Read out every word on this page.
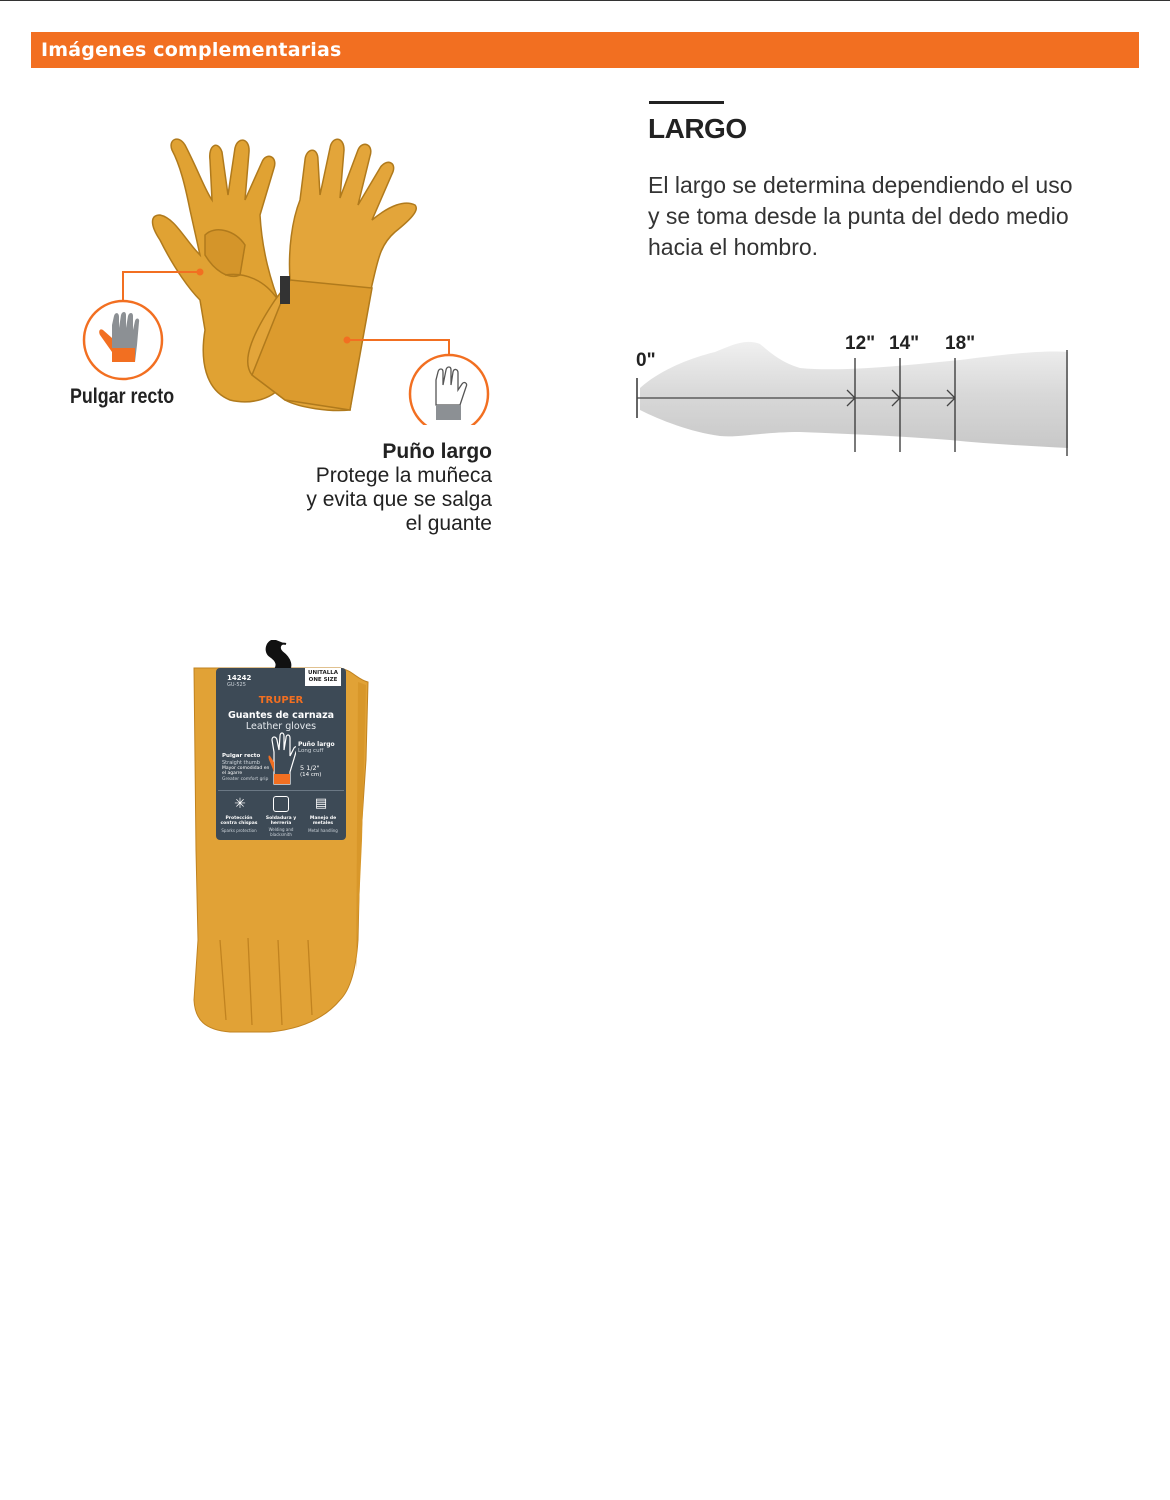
Imágenes complementarias
Pulgar recto
Puño largo
Protege la muñeca
y evita que se salga
el guante
LARGO
El largo se determina dependiendo el uso
y se toma desde la punta del dedo medio
hacia el hombro.
0"
12" 14" 18"
UNITALLA
ONE SIZE
14242
GU-525
TRUPER
Guantes de carnaza
Leather gloves
Pulgar recto
Straight thumb
Mayor comodidad en el agarre
Greater comfort grip
Puño largo
Long cuff
5 1/2"
(14 cm)
✳	▤
Protección contra chispas
Sparks protection
Soldadura y herrería
Welding and blacksmith
Manejo de metales
Metal handling
